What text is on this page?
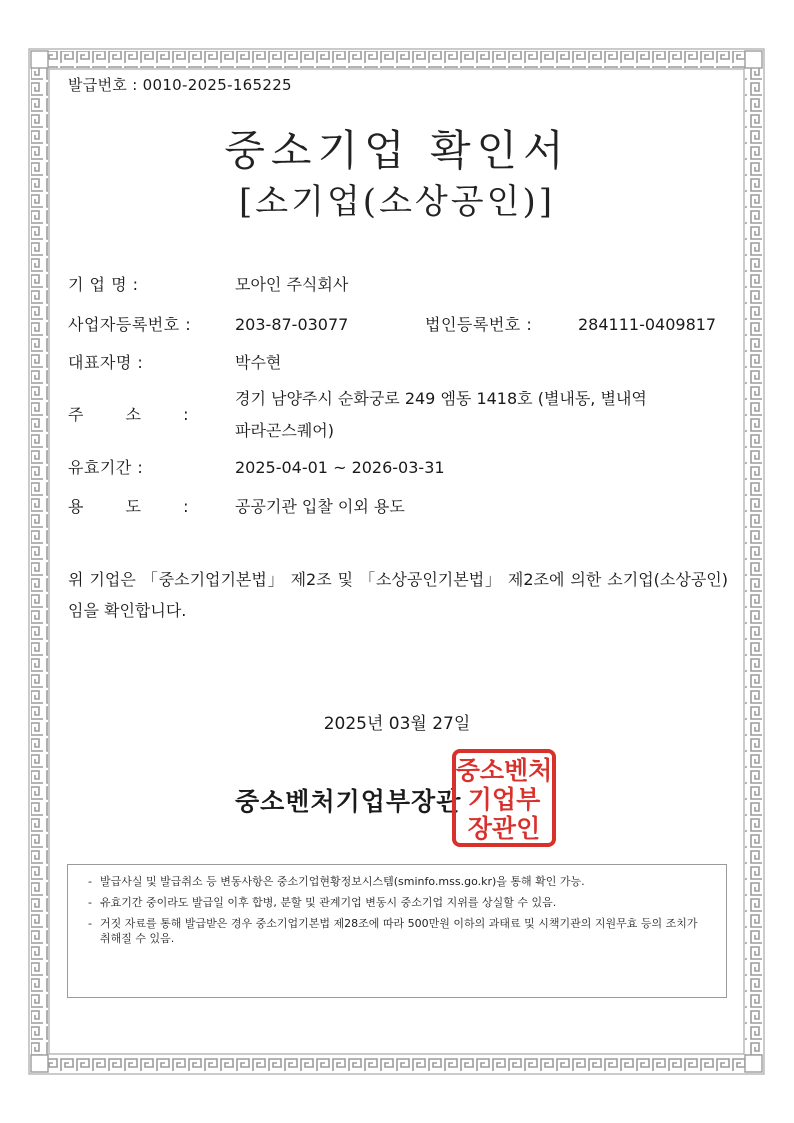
발급번호 : 0010-2025-165225
중소기업 확인서
[소기업(소상공인)]
기 업 명 :	모아인 주식회사
사업자등록번호 :	203-87-03077	법인등록번호 :	284111-0409817
대표자명 :	박수현
주 소 :
경기 남양주시 순화궁로 249 엠동 1418호 (별내동, 별내역
파라곤스퀘어)
유효기간 :	2025-04-01 ~ 2026-03-31
용 도 :	공공기관 입찰 이외 용도
위 기업은 「중소기업기본법」 제2조 및 「소상공인기본법」 제2조에 의한 소기업(소상공인)임을 확인합니다.
2025년 03월 27일
중소벤처기업부장관
중소벤처
기업부
장관인
- 발급사실 및 발급취소 등 변동사항은 중소기업현황정보시스템(sminfo.mss.go.kr)을 통해 확인 가능.
- 유효기간 중이라도 발급일 이후 합병, 분할 및 관계기업 변동시 중소기업 지위를 상실할 수 있음.
- 거짓 자료를 통해 발급받은 경우 중소기업기본법 제28조에 따라 500만원 이하의 과태료 및 시책기관의 지원무효 등의 조치가 취해질 수 있음.
